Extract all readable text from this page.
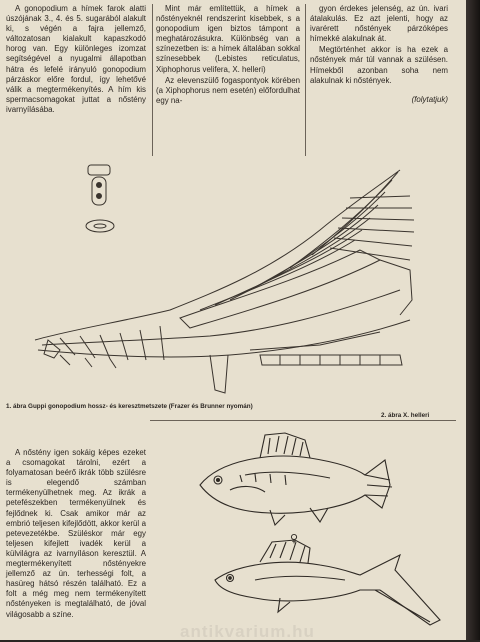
A gonopodium a hímek farok alatti úszójának 3., 4. és 5. sugarából alakult ki, s végén a fajra jellemző, változatosan kialakult kapaszkodó horog van. Egy különleges izomzat segítségével a nyugalmi állapotban hátra és lefelé irányuló gonopodium párzáskor előre fordul, így lehetővé válik a megtermékenyítés. A hím kis spermacsomagokat juttat a nőstény ivarnyílásába.

Mint már említettük, a hímek a nőstényeknél rendszerint kisebbek, s a gonopodium igen biztos támpont a meghatározásukra. Különbség van a színezetben is: a hímek általában sokkal színesebbek (Lebistes reticulatus, Xiphophorus velifera, X. helleri)

Az elevenszülő fogaspontyok körében (a Xiphophorus nem esetén) előfordulhat egy na-

gyon érdekes jelenség, az ún. ivari átalakulás. Ez azt jelenti, hogy az ivarérett nőstények párzóképes hímekké alakulnak át.

Megtörténhet akkor is ha ezek a nőstények már túl vannak a szülésen. Hímekből azonban soha nem alakulnak ki nőstények.

(folytatjuk)

1. ábra Guppi gonopodium hossz- és keresztmetszete (Frazer és Brunner nyomán)
2. ábra X. helleri

A nőstény igen sokáig képes ezeket a csomagokat tárolni, ezért a folyamatosan beérő ikrák több szülésre is elegendő számban termékenyülhetnek meg. Az ikrák a petefészekben termékenyülnek és fejlődnek ki. Csak amikor már az embrió teljesen kifejlődött, akkor kerül a petevezetékbe. Szüléskor már egy teljesen kifejlett ivadék kerül a külvilágra az ivarnyíláson keresztül. A megtermékenyített nőstényekre jellemző az ún. terhességi folt, a hasüreg hátsó részén található. Ez a folt a még meg nem termékenyített nőstényeken is megtalálható, de jóval világosabb a színe.

♀
antikvarium.hu
